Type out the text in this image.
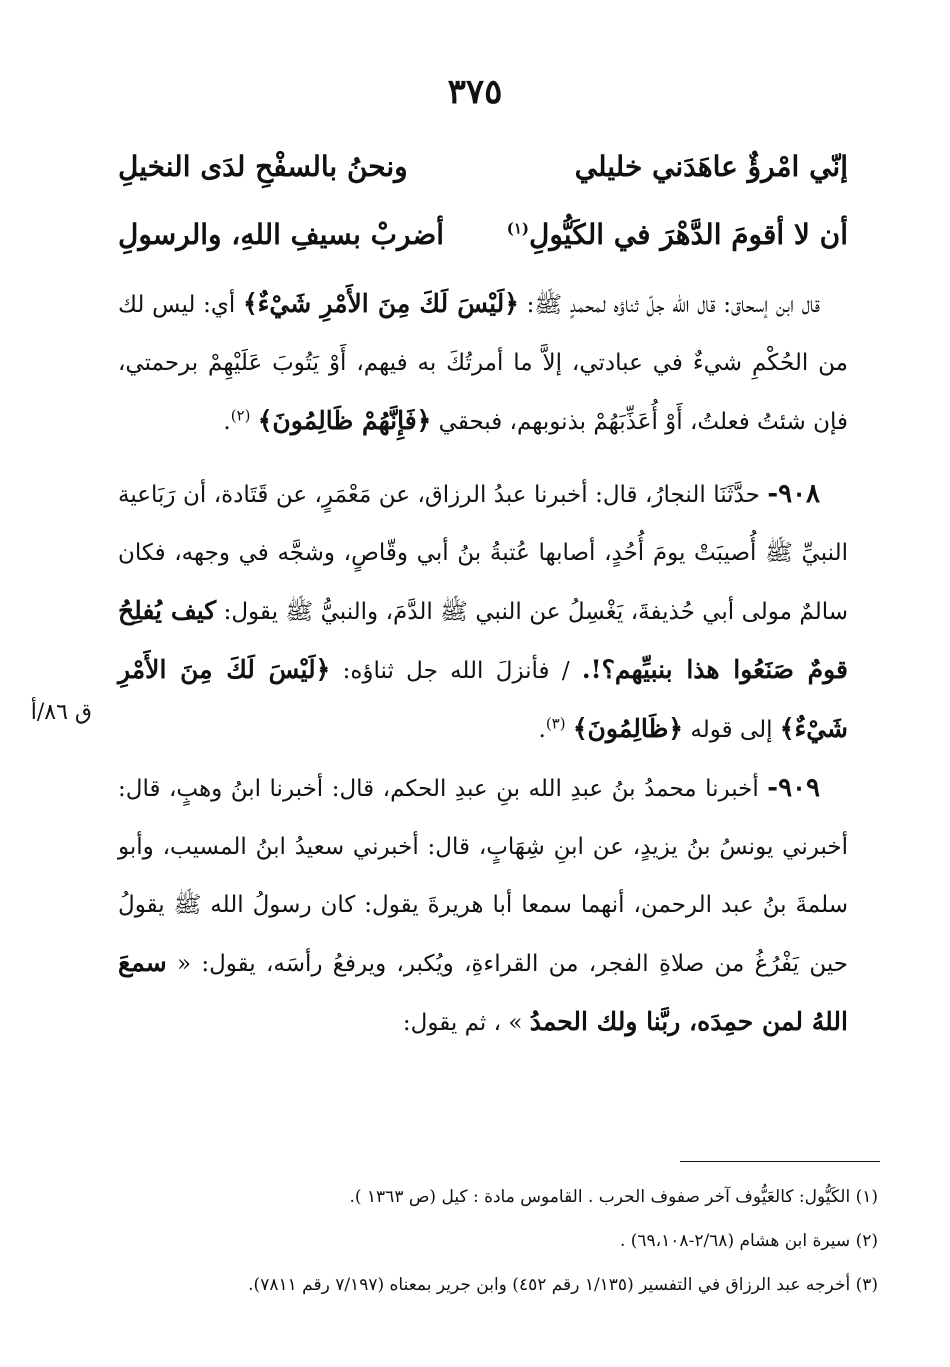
٣٧٥
إنّي امْرؤٌ عاهَدَني خليلي
ونحنُ بالسفْحِ لدَى النخيلِ
أن لا أقومَ الدَّهْرَ في الكَيُّولِ$^{(١)}$
أضربْ بسيفِ اللهِ، والرسولِ

قال ابن إسحاق: قال الله جلّ ثناؤه لمحمدٍ ﷺ: ﴿لَيْسَ لَكَ مِنَ الأَمْرِ شَيْءٌ﴾ أي: ليس لك من الحُكْمِ شيءٌ في عبادتي، إلاَّ ما أمرتُكَ به فيهم، أَوْ يَتُوبَ عَلَيْهِمْ برحمتي، فإن شئتُ فعلتُ، أَوْ أُعَذِّبَهُمْ بذنوبهم، فبحقي ﴿فَإِنَّهُمْ ظَالِمُونَ﴾ $^{(٢)}$.

٩٠٨- حدَّثَنَا النجارُ، قال: أخبرنا عبدُ الرزاق، عن مَعْمَرٍ، عن قَتَادة، أن رَبَاعية النبيِّ ﷺ أُصيبَتْ يومَ أُحُدٍ، أصابها عُتبةُ بنُ أبي وقّاصٍ، وشجَّه في وجهه، فكان سالمٌ مولى أبي حُذيفةَ، يَغْسِلُ عن النبي ﷺ الدَّمَ، والنبيُّ ﷺ يقول: كيف يُفلِحُ قومٌ صَنَعُوا هذا بنبيِّهم؟!. / فأنزلَ الله جل ثناؤه: ﴿لَيْسَ لَكَ مِنَ الأَمْرِ شَيْءٌ﴾ إلى قوله ﴿ظَالِمُونَ﴾ $^{(٣)}$.

٩٠٩- أخبرنا محمدُ بنُ عبدِ الله بنِ عبدِ الحكم، قال: أخبرنا ابنُ وهبٍ، قال: أخبرني يونسُ بنُ يزيدٍ، عن ابنِ شِهَابٍ، قال: أخبرني سعيدُ ابنُ المسيب، وأبو سلمةَ بنُ عبد الرحمن، أنهما سمعا أبا هريرةَ يقول: كان رسولُ الله ﷺ يقولُ حين يَفْرُغُ من صلاةِ الفجر، من القراءةِ، ويُكبر، ويرفعُ رأسَه، يقول: « سمعَ اللهُ لمن حمِدَه، ربَّنا ولك الحمدُ » ، ثم يقول:

ق ٨٦/أ

(١) الكَيُّول: كالعَيُّوف آخر صفوف الحرب . القاموس مادة : كيل (ص ١٣٦٣ ).

(٢) سيرة ابن هشام (٢/٦٨-٦٩،١٠٨) .

(٣) أخرجه عبد الرزاق في التفسير (١/١٣٥ رقم ٤٥٢) وابن جرير بمعناه (٧/١٩٧ رقم ٧٨١١).
